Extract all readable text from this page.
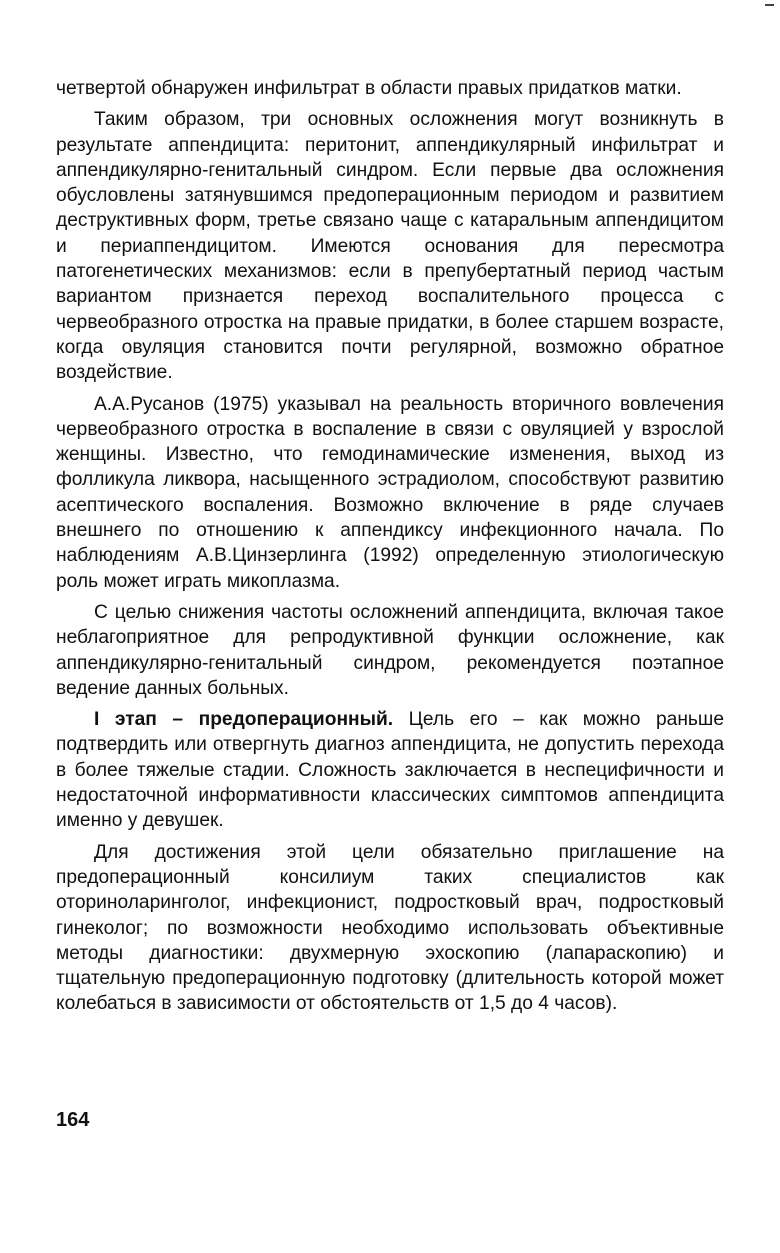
четвертой обнаружен инфильтрат в области правых придатков матки.

Таким образом, три основных осложнения могут возникнуть в результате аппендицита: перитонит, аппендикулярный инфильтрат и аппендикулярно-генитальный синдром. Если первые два осложнения обусловлены затянувшимся предоперационным периодом и развитием деструктивных форм, третье связано чаще с катаральным аппендицитом и периаппендицитом. Имеются основания для пересмотра патогенетических механизмов: если в препубертатный период частым вариантом признается переход воспалительного процесса с червеобразного отростка на правые придатки, в более старшем возрасте, когда овуляция становится почти регулярной, возможно обратное воздействие.

А.А.Русанов (1975) указывал на реальность вторичного вовлечения червеобразного отростка в воспаление в связи с овуляцией у взрослой женщины. Известно, что гемодинамические изменения, выход из фолликула ликвора, насыщенного эстрадиолом, способствуют развитию асептического воспаления. Возможно включение в ряде случаев внешнего по отношению к аппендиксу инфекционного начала. По наблюдениям А.В.Цинзерлинга (1992) определенную этиологическую роль может играть микоплазма.

С целью снижения частоты осложнений аппендицита, включая такое неблагоприятное для репродуктивной функции осложнение, как аппендикулярно-генитальный синдром, рекомендуется поэтапное ведение данных больных.

I этап – предоперационный. Цель его – как можно раньше подтвердить или отвергнуть диагноз аппендицита, не допустить перехода в более тяжелые стадии. Сложность заключается в неспецифичности и недостаточной информативности классических симптомов аппендицита именно у девушек.

Для достижения этой цели обязательно приглашение на предоперационный консилиум таких специалистов как оториноларинголог, инфекционист, подростковый врач, подростковый гинеколог; по возможности необходимо использовать объективные методы диагностики: двухмерную эхоскопию (лапараскопию) и тщательную предоперационную подготовку (длительность которой может колебаться в зависимости от обстоятельств от 1,5 до 4 часов).

164
